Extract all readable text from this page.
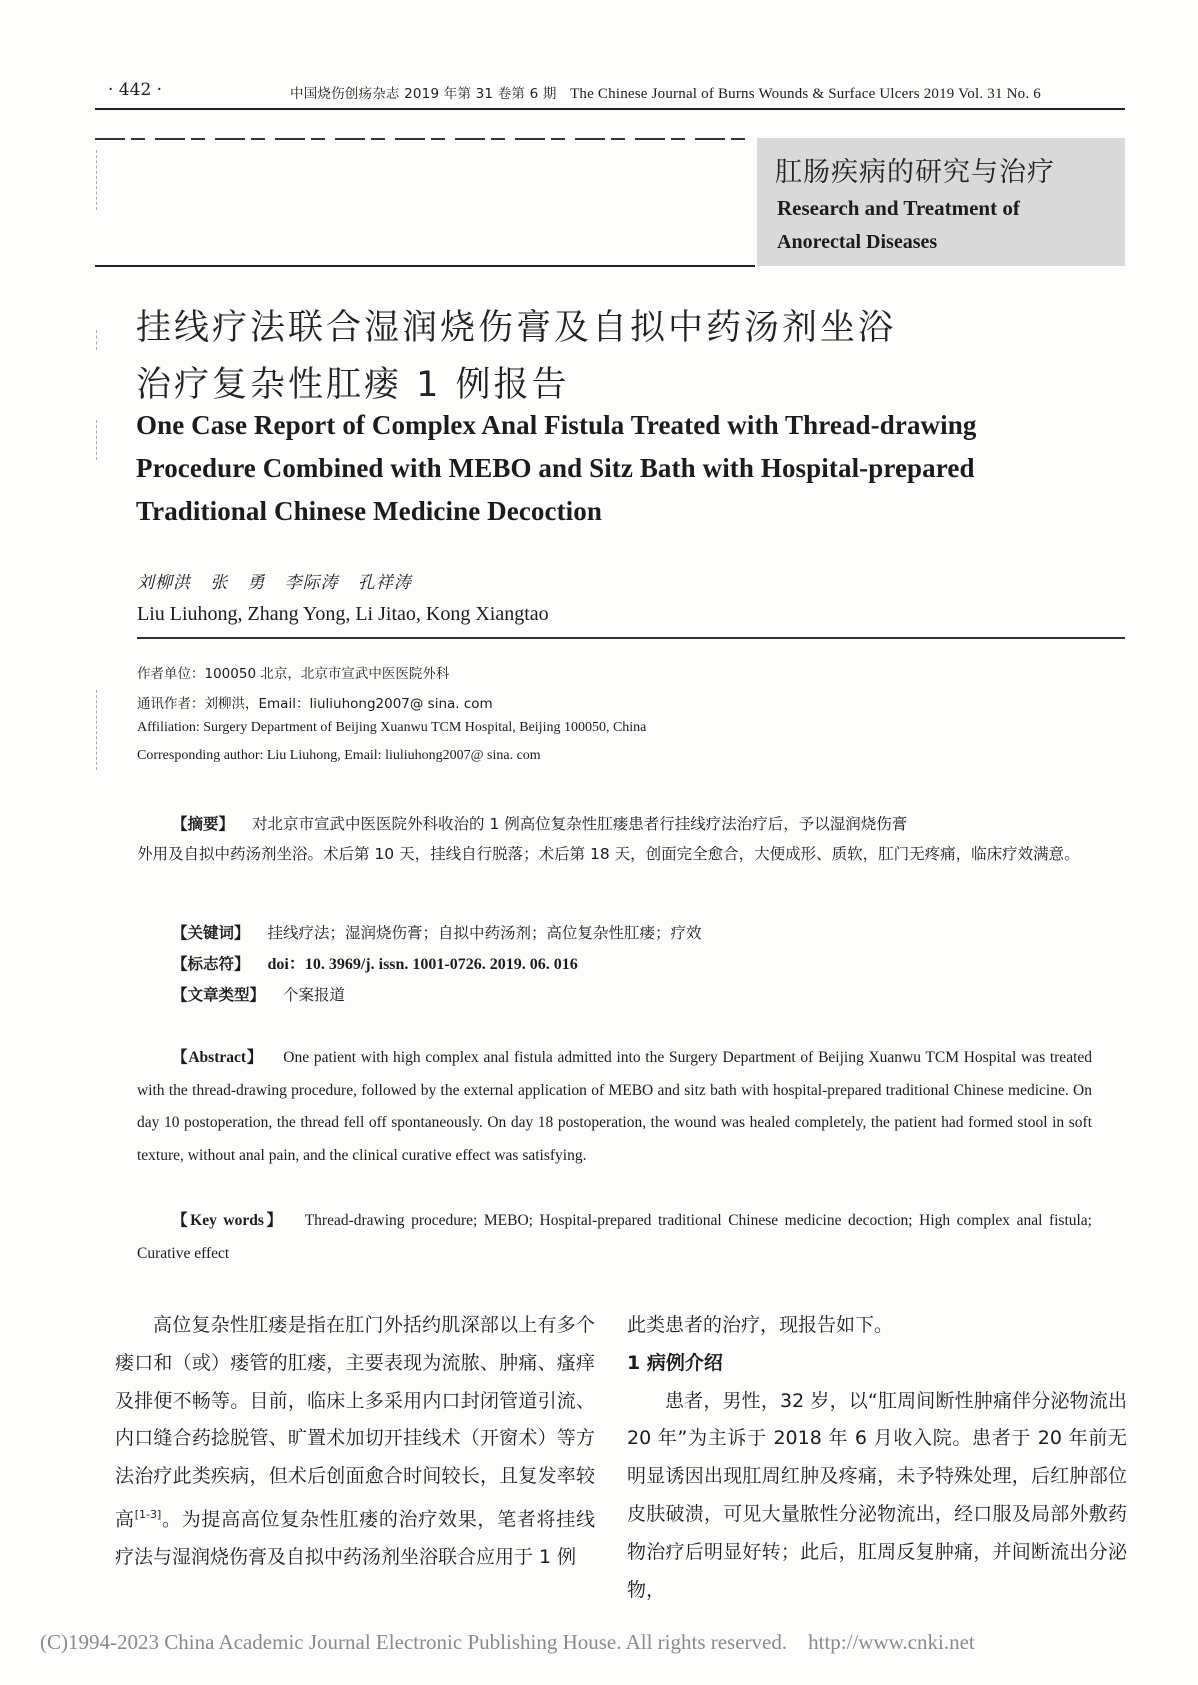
· 442 ·	中国烧伤创疡杂志 2019 年第 31 卷第 6 期 The Chinese Journal of Burns Wounds & Surface Ulcers 2019 Vol. 31 No. 6
肛肠疾病的研究与治疗
Research and Treatment of
Anorectal Diseases
挂线疗法联合湿润烧伤膏及自拟中药汤剂坐浴
治疗复杂性肛瘘 1 例报告
One Case Report of Complex Anal Fistula Treated with Thread-drawing
Procedure Combined with MEBO and Sitz Bath with Hospital-prepared
Traditional Chinese Medicine Decoction
刘柳洪   张   勇   李际涛   孔祥涛
Liu Liuhong, Zhang Yong, Li Jitao, Kong Xiangtao
作者单位：100050 北京，北京市宣武中医医院外科
通讯作者：刘柳洪，Email：liuliuhong2007@ sina. com
Affiliation: Surgery Department of Beijing Xuanwu TCM Hospital, Beijing 100050, China
Corresponding author: Liu Liuhong, Email: liuliuhong2007@ sina. com
【摘要】 对北京市宣武中医医院外科收治的 1 例高位复杂性肛瘘患者行挂线疗法治疗后，予以湿润烧伤膏
外用及自拟中药汤剂坐浴。术后第 10 天，挂线自行脱落；术后第 18 天，创面完全愈合，大便成形、质软，肛门无疼痛，临床疗效满意。
【关键词】 挂线疗法；湿润烧伤膏；自拟中药汤剂；高位复杂性肛瘘；疗效
【标志符】 doi：10. 3969/j. issn. 1001-0726. 2019. 06. 016
【文章类型】 个案报道
【Abstract】 One patient with high complex anal fistula admitted into the Surgery Department of Beijing Xuanwu TCM Hospital was treated with the thread-drawing procedure, followed by the external application of MEBO and sitz bath with hospital-prepared traditional Chinese medicine. On day 10 postoperation, the thread fell off spontaneously. On day 18 postoperation, the wound was healed completely, the patient had formed stool in soft texture, without anal pain, and the clinical curative effect was satisfying.
【Key words】 Thread-drawing procedure; MEBO; Hospital-prepared traditional Chinese medicine decoction; High complex anal fistula; Curative effect
高位复杂性肛瘘是指在肛门外括约肌深部以上有多个瘘口和（或）瘘管的肛瘘，主要表现为流脓、肿痛、瘙痒及排便不畅等。目前，临床上多采用内口封闭管道引流、内口缝合药捻脱管、旷置术加切开挂线术（开窗术）等方法治疗此类疾病，但术后创面愈合时间较长，且复发率较高[1-3]。为提高高位复杂性肛瘘的治疗效果，笔者将挂线疗法与湿润烧伤膏及自拟中药汤剂坐浴联合应用于 1 例
此类患者的治疗，现报告如下。
1 病例介绍
患者，男性，32 岁，以“肛周间断性肿痛伴分泌物流出 20 年”为主诉于 2018 年 6 月收入院。患者于 20 年前无明显诱因出现肛周红肿及疼痛，未予特殊处理，后红肿部位皮肤破溃，可见大量脓性分泌物流出，经口服及局部外敷药物治疗后明显好转；此后，肛周反复肿痛，并间断流出分泌物，
(C)1994-2023 China Academic Journal Electronic Publishing House. All rights reserved. http://www.cnki.net
